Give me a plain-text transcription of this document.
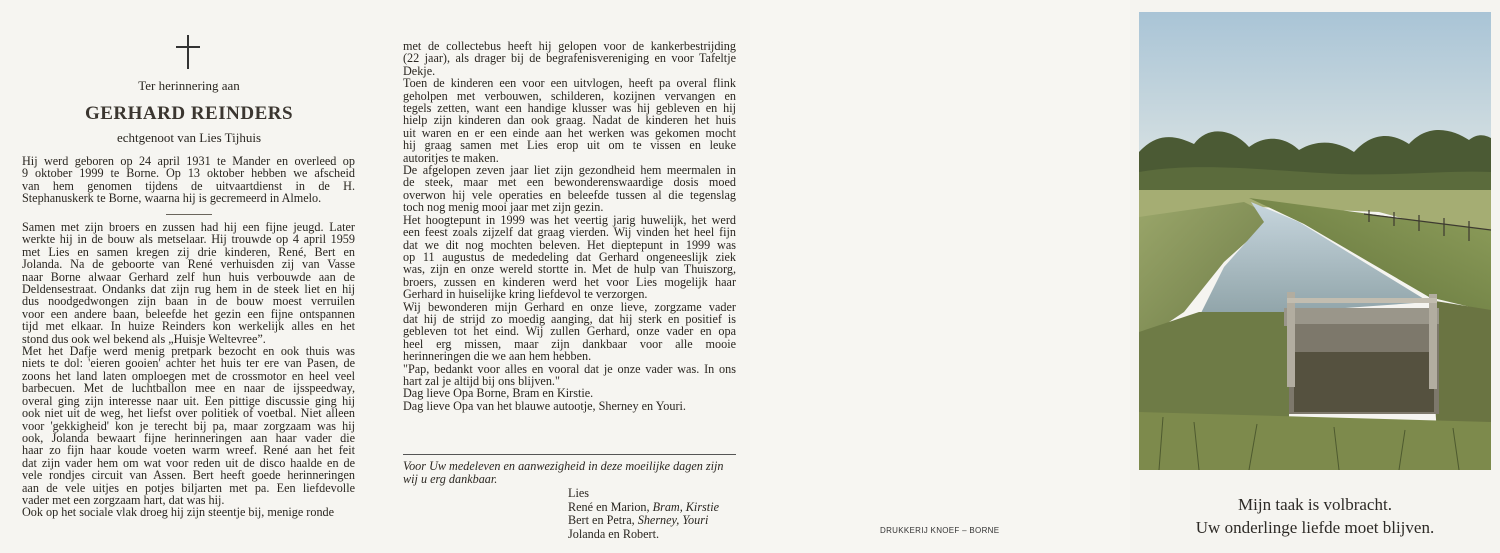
Ter herinnering aan
GERHARD REINDERS
echtgenoot van Lies Tijhuis
Hij werd geboren op 24 april 1931 te Mander en overleed op
9 oktober 1999 te Borne. Op 13 oktober hebben we afscheid
van hem genomen tijdens de uitvaartdienst in de H.
Stephanuskerk te Borne, waarna hij is gecremeerd in Almelo.
Samen met zijn broers en zussen had hij een fijne jeugd. Later
werkte hij in de bouw als metselaar. Hij trouwde op 4 april 1959
met Lies en samen kregen zij drie kinderen, René, Bert en
Jolanda. Na de geboorte van René verhuisden zij van Vasse
naar Borne alwaar Gerhard zelf hun huis verbouwde aan de
Deldensestraat. Ondanks dat zijn rug hem in de steek liet en hij
dus noodgedwongen zijn baan in de bouw moest verruilen
voor een andere baan, beleefde het gezin een fijne ontspannen
tijd met elkaar. In huize Reinders kon werkelijk alles en het
stond dus ook wel bekend als „Huisje Weltevree”.
Met het Dafje werd menig pretpark bezocht en ook thuis was
niets te dol: 'eieren gooien' achter het huis ter ere van Pasen, de
zoons het land laten omploegen met de crossmotor en heel veel
barbecuen. Met de luchtballon mee en naar de ijsspeedway,
overal ging zijn interesse naar uit. Een pittige discussie ging hij
ook niet uit de weg, het liefst over politiek of voetbal. Niet alleen
voor 'gekkigheid' kon je terecht bij pa, maar zorgzaam was hij
ook, Jolanda bewaart fijne herinneringen aan haar vader die
haar zo fijn haar koude voeten warm wreef. René aan het feit
dat zijn vader hem om wat voor reden uit de disco haalde en de
vele rondjes circuit van Assen. Bert heeft goede herinneringen
aan de vele uitjes en potjes biljarten met pa. Een liefdevolle
vader met een zorgzaam hart, dat was hij.
Ook op het sociale vlak droeg hij zijn steentje bij, menige ronde
met de collectebus heeft hij gelopen voor de kankerbestrijding
(22 jaar), als drager bij de begrafenisvereniging en voor Tafeltje
Dekje.
Toen de kinderen een voor een uitvlogen, heeft pa overal flink
geholpen met verbouwen, schilderen, kozijnen vervangen en
tegels zetten, want een handige klusser was hij gebleven en hij
hielp zijn kinderen dan ook graag. Nadat de kinderen het huis
uit waren en er een einde aan het werken was gekomen mocht
hij graag samen met Lies erop uit om te vissen en leuke
autoritjes te maken.
De afgelopen zeven jaar liet zijn gezondheid hem meermalen in
de steek, maar met een bewonderenswaardige dosis moed
overwon hij vele operaties en beleefde tussen al die tegenslag
toch nog menig mooi jaar met zijn gezin.
Het hoogtepunt in 1999 was het veertig jarig huwelijk, het werd
een feest zoals zijzelf dat graag vierden. Wij vinden het heel fijn
dat we dit nog mochten beleven. Het dieptepunt in 1999 was
op 11 augustus de mededeling dat Gerhard ongeneeslijk ziek
was, zijn en onze wereld stortte in. Met de hulp van Thuiszorg,
broers, zussen en kinderen werd het voor Lies mogelijk haar
Gerhard in huiselijke kring liefdevol te verzorgen.
Wij bewonderen mijn Gerhard en onze lieve, zorgzame vader
dat hij de strijd zo moedig aanging, dat hij sterk en positief is
gebleven tot het eind. Wij zullen Gerhard, onze vader en opa
heel erg missen, maar zijn dankbaar voor alle mooie
herinneringen die we aan hem hebben.
"Pap, bedankt voor alles en vooral dat je onze vader was. In ons
hart zal je altijd bij ons blijven."
Dag lieve Opa Borne, Bram en Kirstie.
Dag lieve Opa van het blauwe autootje, Sherney en Youri.
Voor Uw medeleven en aanwezigheid in deze moeilijke dagen zijn wij u erg dankbaar.
Lies
René en Marion, Bram, Kirstie
Bert en Petra, Sherney, Youri
Jolanda en Robert.	DRUKKERIJ KNOEF – BORNE
Mijn taak is volbracht.
Uw onderlinge liefde moet blijven.
